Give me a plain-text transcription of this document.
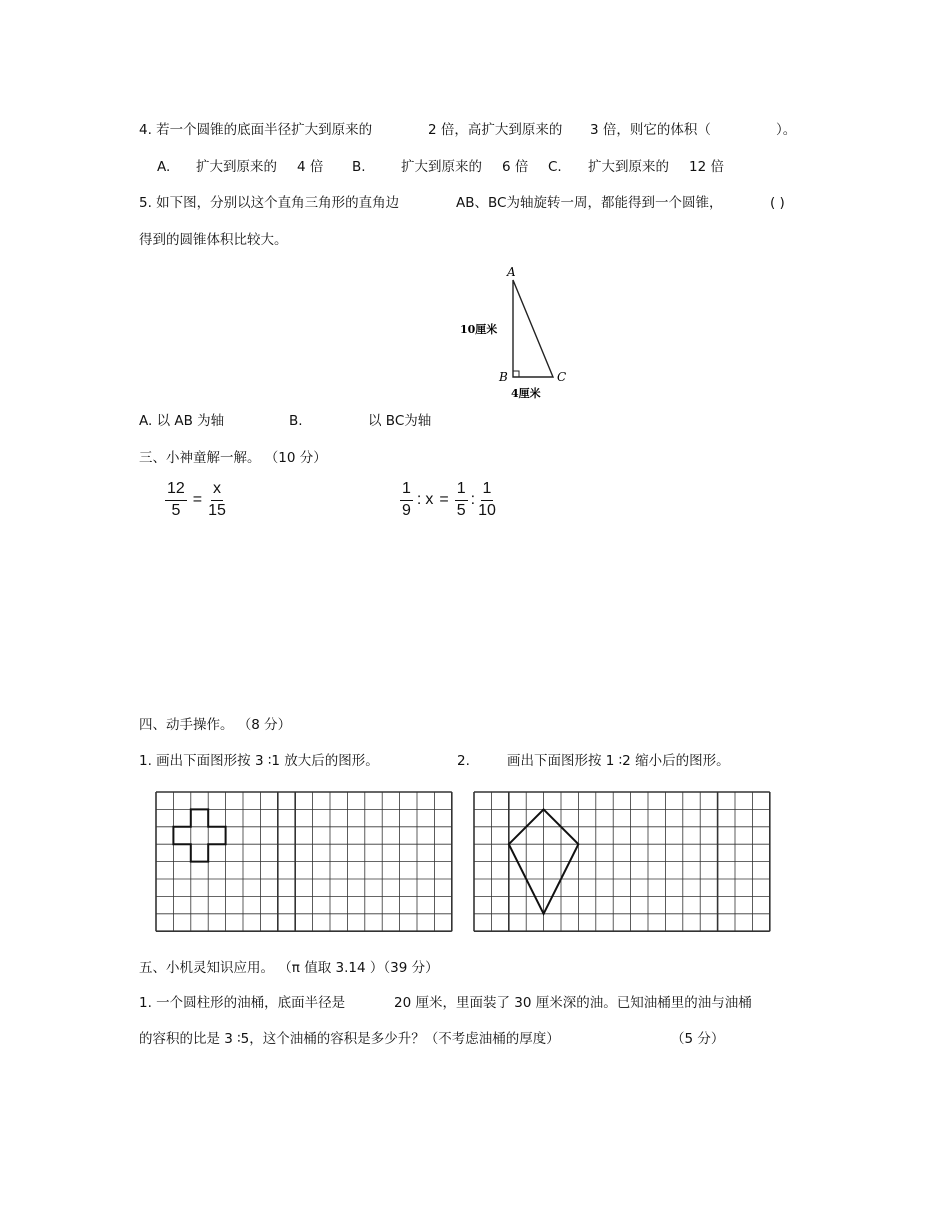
4. 若一个圆锥的底面半径扩大到原来的	2 倍，高扩大到原来的 3 倍，则它的体积（	）。
A. 扩大到原来的 4 倍 B.	扩大到原来的 6 倍 C. 扩大到原来的 12 倍
5. 如下图，分别以这个直角三角形的直角边	AB、BC为轴旋转一周，都能得到一个圆锥，	( )
得到的圆锥体积比较大。
A
B	C
10厘米
4厘米
A. 以 AB 为轴	B.	以 BC为轴
三、小神童解一解。 （10 分）
$\frac{12}{5} = \frac{x}{15}$	$\frac{1}{9}$ : $x = \frac{1}{5}$ : $\frac{1}{10}$
四、动手操作。 （8 分）
1. 画出下面图形按 3 ∶1 放大后的图形。	2.	画出下面图形按 1 ∶2 缩小后的图形。
五、小机灵知识应用。 （π 值取 3.14 ）（39 分）
1. 一个圆柱形的油桶，底面半径是	20 厘米，里面装了 30 厘米深的油。已知油桶里的油与油桶
的容积的比是 3 ∶5，这个油桶的容积是多少升？（不考虑油桶的厚度）	（5 分）
